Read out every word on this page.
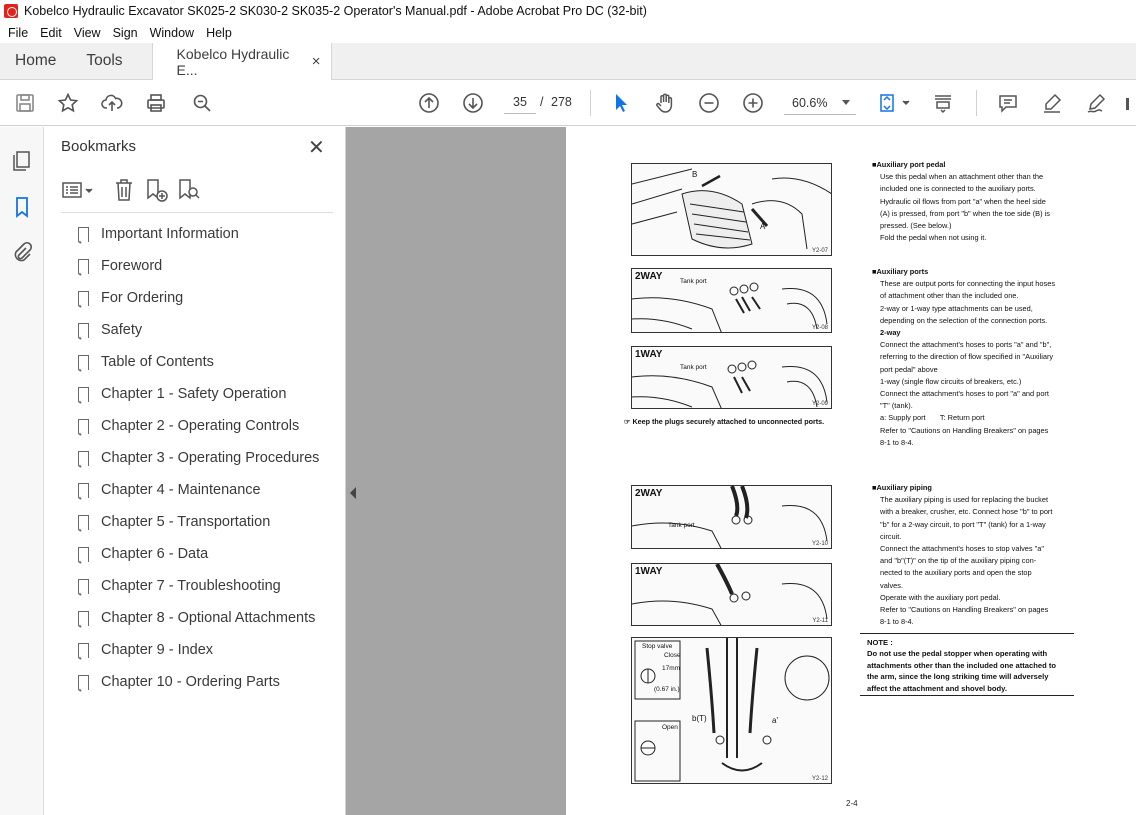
Kobelco Hydraulic Excavator SK025-2 SK030-2 SK035-2 Operator's Manual.pdf - Adobe Acrobat Pro DC (32-bit)
File Edit View Sign Window Help
Home	Tools	Kobelco Hydraulic E...	×
35
/ 278	60.6%
Bookmarks	✕
Important Information
Foreword
For Ordering
Safety
Table of Contents
Chapter 1 - Safety Operation
Chapter 2 - Operating Controls
Chapter 3 - Operating Procedures
Chapter 4 - Maintenance
Chapter 5 - Transportation
Chapter 6 - Data
Chapter 7 - Troubleshooting
Chapter 8 - Optional Attachments
Chapter 9 - Index
Chapter 10 - Ordering Parts
B
A
Y2-07
2WAY	Tank port
Y2-08
1WAY
Tank port
Y2-09
☞ Keep the plugs securely attached to unconnected ports.
2WAY
Tank port
Y2-10
1WAY
Y2-11
Stop valve
Close
17mm
(0.67 in.)
Open
b(T)	a'
Y2-12

■Auxiliary port pedal

Use this pedal when an attachment other than the

included one is connected to the auxiliary ports.

Hydraulic oil flows from port "a" when the heel side

(A) is pressed, from port "b" when the toe side (B) is

pressed. (See below.)

Fold the pedal when not using it.

■Auxiliary ports

These are output ports for connecting the input hoses

of attachment other than the included one.

2-way or 1-way type attachments can be used,

depending on the selection of the connection ports.

2-way

Connect the attachment's hoses to ports "a" and "b",

referring to the direction of flow specified in "Auxiliary

port pedal" above

1-way (single flow circuits of breakers, etc.)

Connect the attachment's hoses to port "a" and port

"T" (tank).

a: Supply port       T: Return port

Refer to "Cautions on Handling Breakers" on pages

8-1 to 8-4.

■Auxiliary piping

The auxiliary piping is used for replacing the bucket

with a breaker, crusher, etc. Connect hose "b" to port

"b" for a 2-way circuit, to port "T" (tank) for a 1-way

circuit.

Connect the attachment's hoses to stop valves "a"

and "b"(T)" on the tip of the auxiliary piping con-

nected to the auxiliary ports and open the stop

valves.

Operate with the auxiliary port pedal.

Refer to "Cautions on Handling Breakers" on pages

8-1 to 8-4.

NOTE :

Do not use the pedal stopper when operating with

attachments other than the included one attached to

the arm, since the long striking time will adversely

affect the attachment and shovel body.

2-4
